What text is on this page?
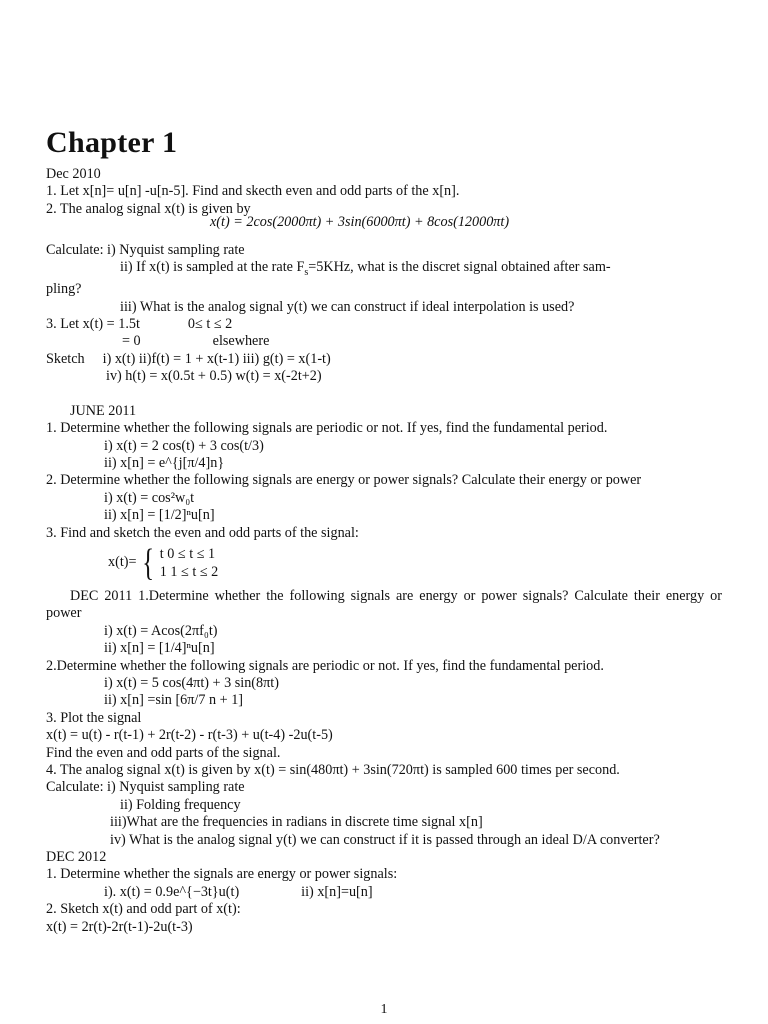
Chapter 1
Dec 2010
1. Let x[n]= u[n] -u[n-5]. Find and skecth even and odd parts of the x[n].
2. The analog signal x(t) is given by
x(t) = 2cos(2000πt) + 3sin(6000πt) + 8cos(12000πt)
Calculate: i) Nyquist sampling rate
ii) If x(t) is sampled at the rate $F_s=5KHz$, what is the discret signal obtained after sam-
pling?
iii) What is the analog signal y(t) we can construct if ideal interpolation is used?
3. Let x(t) = 1.5t	0≤ t ≤ 2
= 0	elsewhere
Sketch i) x(t) ii)f(t) = 1 + x(t-1) iii) g(t) = x(1-t)
iv) h(t) = x(0.5t + 0.5) w(t) = x(-2t+2)
JUNE 2011
1. Determine whether the following signals are periodic or not. If yes, find the fundamental period.
i) x(t) = 2 cos(t) + 3 cos(t/3)
ii) x[n] = e^{j[π/4]n}
2. Determine whether the following signals are energy or power signals? Calculate their energy or power
i) x(t) = cos²w₀t
ii) x[n] = [1/2]ⁿu[n]
3. Find and sketch the even and odd parts of the signal:
x(t)= { t 0 ≤ t ≤ 1
1 1 ≤ t ≤ 2
DEC 2011 1.Determine whether the following signals are energy or power signals? Calculate their energy or power
i) x(t) = Acos(2πf₀t)
ii) x[n] = [1/4]ⁿu[n]
2.Determine whether the following signals are periodic or not. If yes, find the fundamental period.
i) x(t) = 5 cos(4πt) + 3 sin(8πt)
ii) x[n] =sin [6π/7 n + 1]
3. Plot the signal
x(t) = u(t) - r(t-1) + 2r(t-2) - r(t-3) + u(t-4) -2u(t-5)
Find the even and odd parts of the signal.
4. The analog signal x(t) is given by x(t) = sin(480πt) + 3sin(720πt) is sampled 600 times per second.
Calculate: i) Nyquist sampling rate
ii) Folding frequency
iii)What are the frequencies in radians in discrete time signal x[n]
iv) What is the analog signal y(t) we can construct if it is passed through an ideal D/A converter?
DEC 2012
1. Determine whether the signals are energy or power signals:
i). x(t) = 0.9e^{−3t}u(t)	ii) x[n]=u[n]
2. Sketch x(t) and odd part of x(t):
x(t) = 2r(t)-2r(t-1)-2u(t-3)
1
